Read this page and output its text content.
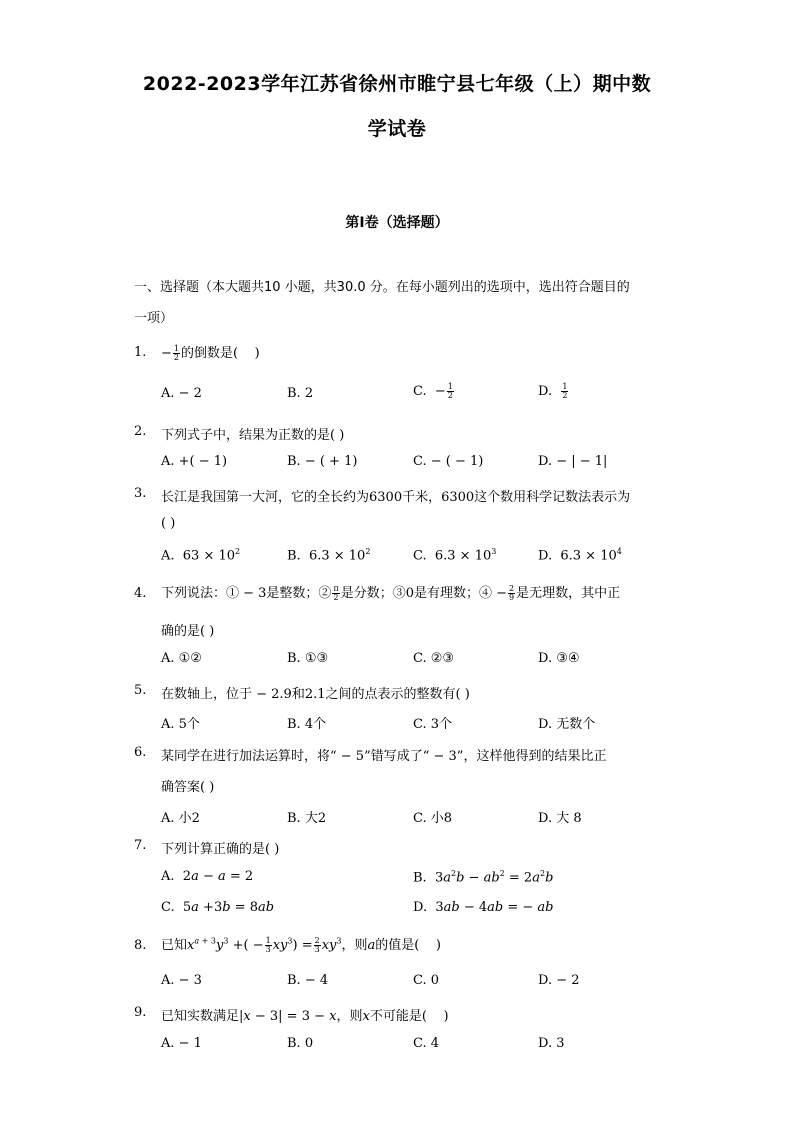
2022-2023学年江苏省徐州市睢宁县七年级（上）期中数
学试卷
第Ⅰ卷（选择题）
一、选择题（本大题共10 小题，共30.0 分。在每小题列出的选项中，选出符合题目的
一项）
1. − $\frac{1}{2}$ 的倒数是(    )
A. − 2	B. 2	C.  − $\frac{1}{2}$	D. $\frac{1}{2}$
2. 下列式子中，结果为正数的是( )
A. +( − 1)	B. − ( + 1)	C. − ( − 1)	D. − | − 1|
3. 长江是我国第一大河，它的全长约为6300千米，6300这个数用科学记数法表示为
( )
A.  $63 \times 10^2$	B.  $6.3 \times 10^2$	C.  $6.3 \times 10^3$	D.  $6.3 \times 10^4$
4. 下列说法：① − 3是整数；② $\frac{\pi}{2}$ 是分数；③0是有理数；④ − $\frac{2}{9}$ 是无理数，其中正
确的是( )
A. ①②	B. ①③	C. ②③	D. ③④
5. 在数轴上，位于 − 2.9和2.1之间的点表示的整数有( )
A. 5个	B. 4个	C. 3个	D. 无数个
6. 某同学在进行加法运算时，将“ − 5”错写成了“ − 3”，这样他得到的结果比正
确答案( )
A. 小2	B. 大2	C. 小8	D. 大 8
7. 下列计算正确的是( )
A.  2a − a = 2	B.  $3a^2b - ab^2 = 2a^2b$
C.  5a +3b = 8ab	D.  3ab − 4ab = − ab
8. 已知$x^{a + 3}y^3$ +( − $\frac{1}{3} xy^3) = \frac{2}{3} xy^3$，则a的值是(    )
A. − 3	B. − 4	C. 0	D. − 2
9. 已知实数满足|x − 3| = 3 − x，则x不可能是(    )
A. − 1	B. 0	C. 4	D. 3
